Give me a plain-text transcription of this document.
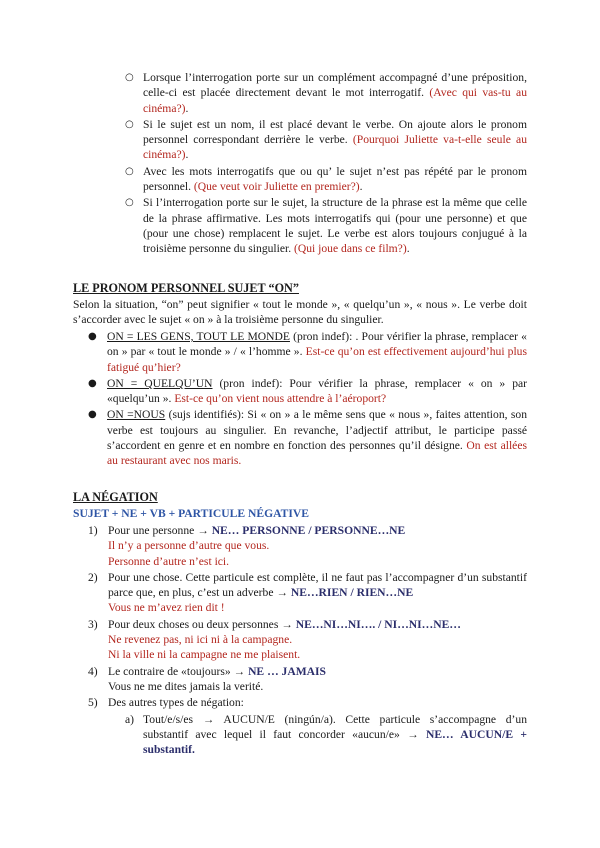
○ Lorsque l’interrogation porte sur un complément accompagné d’une préposition, celle-ci est placée directement devant le mot interrogatif. (Avec qui vas-tu au cinéma?).
○ Si le sujet est un nom, il est placé devant le verbe. On ajoute alors le pronom personnel correspondant derrière le verbe. (Pourquoi Juliette va-t-elle seule au cinéma?).
○ Avec les mots interrogatifs que ou qu’ le sujet n’est pas répété par le pronom personnel. (Que veut voir Juliette en premier?).
○ Si l’interrogation porte sur le sujet, la structure de la phrase est la même que celle de la phrase affirmative. Les mots interrogatifs qui (pour une personne) et que (pour une chose) remplacent le sujet. Le verbe est alors toujours conjugué à la troisième personne du singulier. (Qui joue dans ce film?).
LE PRONOM PERSONNEL SUJET “ON”
Selon la situation, “on” peut signifier « tout le monde », « quelqu’un », « nous ». Le verbe doit s’accorder avec le sujet « on » à la troisième personne du singulier.
● ON = LES GENS, TOUT LE MONDE (pron indef): . Pour vérifier la phrase, remplacer « on » par « tout le monde » / « l’homme ». Est-ce qu’on est effectivement aujourd’hui plus fatigué qu’hier?
● ON = QUELQU’UN (pron indef): Pour vérifier la phrase, remplacer « on » par «quelqu’un ». Est-ce qu’on vient nous attendre à l’aéroport?
● ON =NOUS (sujs identifiés): Si « on » a le même sens que « nous », faites attention, son verbe est toujours au singulier. En revanche, l’adjectif attribut, le participe passé s’accordent en genre et en nombre en fonction des personnes qu’il désigne. On est allées au restaurant avec nos maris.
LA NÉGATION
SUJET + NE + VB + PARTICULE NÉGATIVE
1) Pour une personne → NE… PERSONNE / PERSONNE…NE
Il n’y a personne d’autre que vous.
Personne d’autre n’est ici.
2) Pour une chose. Cette particule est complète, il ne faut pas l’accompagner d’un substantif parce que, en plus, c’est un adverbe → NE…RIEN / RIEN…NE
Vous ne m’avez rien dit !
3) Pour deux choses ou deux personnes → NE…NI…NI…. / NI…NI…NE…
Ne revenez pas, ni ici ni à la campagne.
Ni la ville ni la campagne ne me plaisent.
4) Le contraire de «toujours» → NE … JAMAIS
Vous ne me dites jamais la verité.
5) Des autres types de négation:
a) Tout/e/s/es → AUCUN/E (ningún/a). Cette particule s’accompagne d’un substantif avec lequel il faut concorder «aucun/e» → NE… AUCUN/E + substantif.
